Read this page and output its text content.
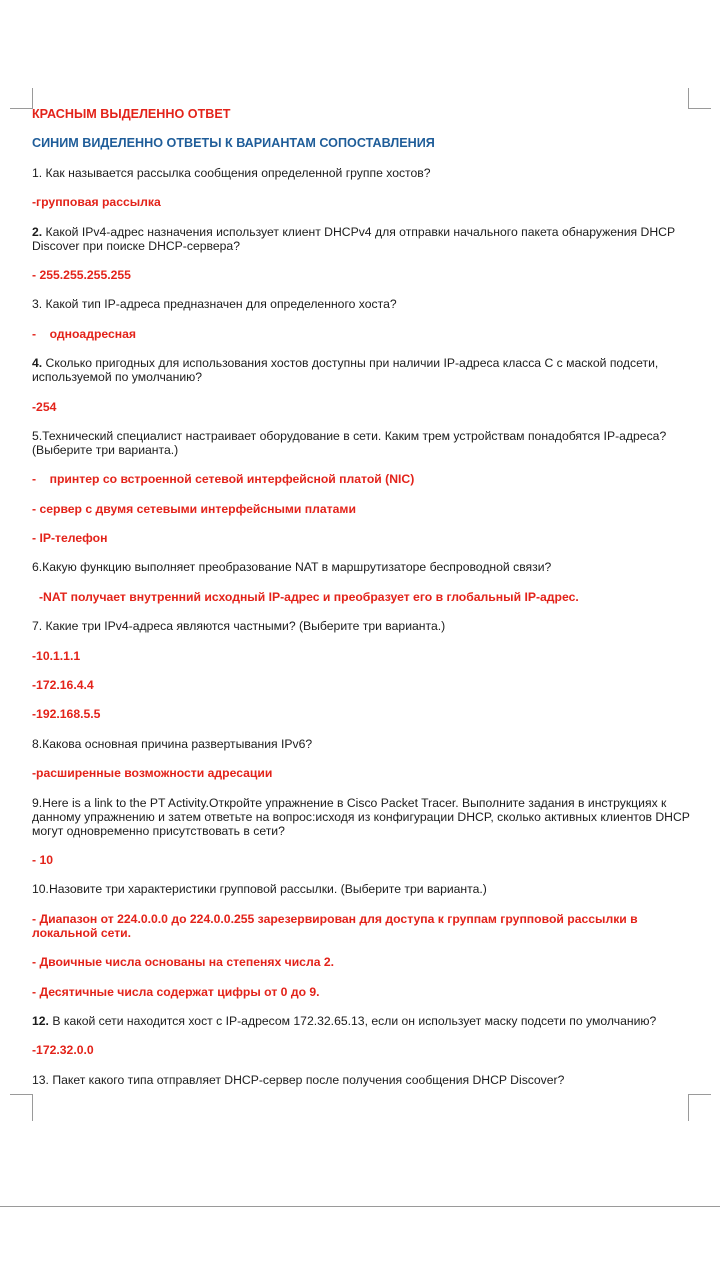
КРАСНЫМ ВЫДЕЛЕННО ОТВЕТ
СИНИМ ВИДЕЛЕННО ОТВЕТЫ К ВАРИАНТАМ СОПОСТАВЛЕНИЯ
1. Как называется рассылка сообщения определенной группе хостов?
-групповая рассылка
2. Какой IPv4-адрес назначения использует клиент DHCPv4 для отправки начального пакета обнаружения DHCP Discover при поиске DHCP-сервера?
- 255.255.255.255
3. Какой тип IP-адреса предназначен для определенного хоста?
-    одноадресная
4. Сколько пригодных для использования хостов доступны при наличии IP-адреса класса С с маской подсети, используемой по умолчанию?
-254
5.Технический специалист настраивает оборудование в сети. Каким трем устройствам понадобятся IP-адреса? (Выберите три варианта.)
-    принтер со встроенной сетевой интерфейсной платой (NIC)
- сервер с двумя сетевыми интерфейсными платами
- IP-телефон
6.Какую функцию выполняет преобразование NAT в маршрутизаторе беспроводной связи?
-NAT получает внутренний исходный IP-адрес и преобразует его в глобальный IP-адрес.
7. Какие три IPv4-адреса являются частными? (Выберите три варианта.)
-10.1.1.1
-172.16.4.4
-192.168.5.5
8.Какова основная причина развертывания IPv6?
-расширенные возможности адресации
9.Here is a link to the PT Activity.Откройте упражнение в Cisco Packet Tracer. Выполните задания в инструкциях к данному упражнению и затем ответьте на вопрос:исходя из конфигурации DHCP, сколько активных клиентов DHCP могут одновременно присутствовать в сети?
- 10
10.Назовите три характеристики групповой рассылки. (Выберите три варианта.)
- Диапазон от 224.0.0.0 до 224.0.0.255 зарезервирован для доступа к группам групповой рассылки в локальной сети.
- Двоичные числа основаны на степенях числа 2.
- Десятичные числа содержат цифры от 0 до 9.
12. В какой сети находится хост с IP-адресом 172.32.65.13, если он использует маску подсети по умолчанию?
-172.32.0.0
13. Пакет какого типа отправляет DHCP-сервер после получения сообщения DHCP Discover?
